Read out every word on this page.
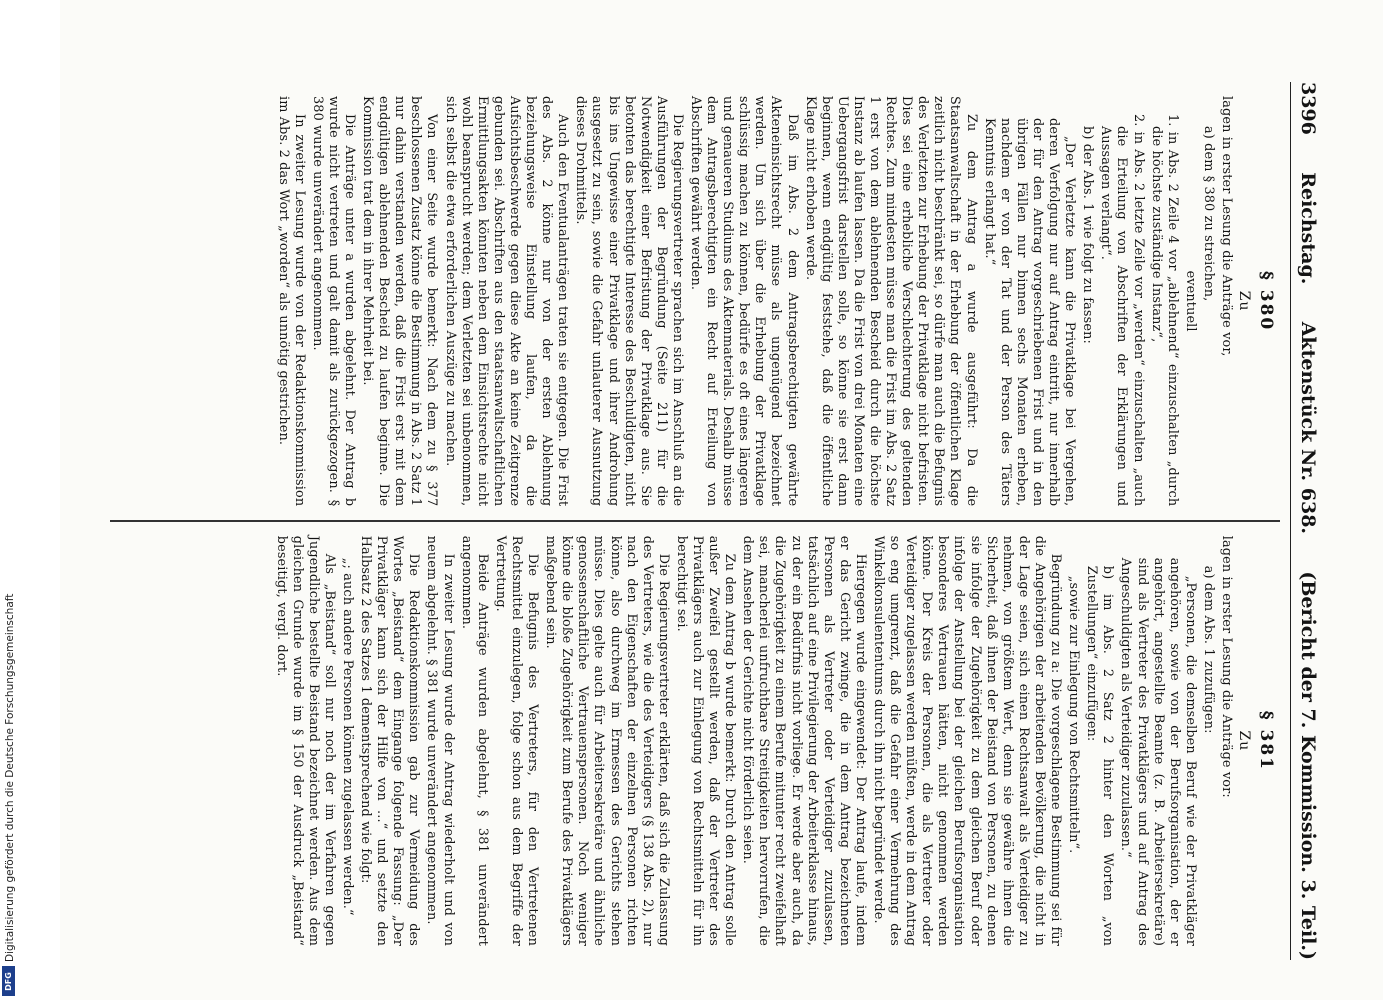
Digitalisierung gefördert durch die Deutsche Forschungsgemeinschaft
DFG
3396
Reichstag.
Aktenstück Nr. 638.
(Bericht der 7. Kommission. 3. Teil.)
§ 380
Zu

lagen in erster Lesung die Anträge vor,

a) dem § 380 zu streichen,

eventuell

1. in Abs. 2 Zeile 4 vor „ablehnend“ einzuschalten „durch die höchste zuständige Instanz“,

2. in Abs. 2 letzte Zeile vor „werden“ einzuschalten „auch die Erteilung von Abschriften der Erklärungen und Aussagen verlangt“.

b) der Abs. 1 wie folgt zu fassen:

„Der Verletzte kann die Privatklage bei Vergehen, deren Verfolgung nur auf Antrag eintritt, nur innerhalb der für den Antrag vorgeschriebenen Frist und in den übrigen Fällen nur binnen sechs Monaten erheben, nachdem er von der Tat und der Person des Täters Kenntnis erlangt hat.“

Zu dem Antrag a wurde ausgeführt: Da die Staatsanwaltschaft in der Erhebung der öffentlichen Klage zeitlich nicht beschränkt sei, so dürfe man auch die Befugnis des Verletzten zur Erhebung der Privatklage nicht befristen. Dies sei eine erhebliche Verschlechterung des geltenden Rechtes. Zum mindesten müsse man die Frist im Abs. 2 Satz 1 erst von dem ablehnenden Bescheid durch die höchste Instanz ab laufen lassen. Da die Frist von drei Monaten eine Uebergangsfrist darstellen solle, so könne sie erst dann beginnen, wenn endgültig feststehe, daß die öffentliche Klage nicht erhoben werde.

Daß im Abs. 2 dem Antragsberechtigten gewährte Akteneinsichtsrecht müsse als ungenügend bezeichnet werden. Um sich über die Erhebung der Privatklage schlüssig machen zu können, bedürfe es oft eines längeren und genaueren Studiums des Aktenmaterials. Deshalb müsse dem Antragsberechtigten ein Recht auf Erteilung von Abschriften gewährt werden.

Die Regierungsvertreter sprachen sich im Anschluß an die Ausführungen der Begründung (Seite 211) für die Notwendigkeit einer Befristung der Privatklage aus. Sie betonten das berechtigte Interesse des Beschuldigten, nicht bis ins Ungewisse einer Privatklage und ihrer Androhung ausgesetzt zu sein, sowie die Gefahr unlauterer Ausnutzung dieses Drohmittels.

Auch den Eventualanträgen traten sie entgegen. Die Frist des Abs. 2 könne nur von der ersten Ablehnung beziehungsweise Einstellung laufen, da die Aufsichtsbeschwerde gegen diese Akte an keine Zeitgrenze gebunden sei. Abschriften aus den staatsanwaltschaftlichen Ermittlungsakten könnten neben dem Einsichtsrechte nicht wohl beansprucht werden; dem Verletzten sei unbenommen, sich selbst die etwa erforderlichen Auszüge zu machen.

Von einer Seite wurde bemerkt: Nach dem zu § 377 beschlossenen Zusatz könne die Bestimmung in Abs. 2 Satz 1 nur dahin verstanden werden, daß die Frist erst mit dem endgültigen ablehnenden Bescheid zu laufen beginne. Die Kommission trat dem in ihrer Mehrheit bei.

Die Anträge unter a wurden abgelehnt. Der Antrag b wurde nicht vertreten und galt damit als zurückgezogen. § 380 wurde unverändert angenommen.

In zweiter Lesung wurde von der Redaktionskommission im Abs. 2 das Wort „worden“ als unnötig gestrichen.

§ 381
Zu

lagen in erster Lesung die Anträge vor:

a) dem Abs. 1 zuzufügen:

„Personen, die demselben Beruf wie der Privatkläger angehören, sowie von der Berufsorganisation, der er angehört, angestellte Beamte (z. B. Arbeitersekretäre) sind als Vertreter des Privatklägers und auf Antrag des Angeschuldigten als Verteidiger zuzulassen.“

b) im Abs. 2 Satz 2 hinter den Worten „von Zustellungen“ einzufügen:

„sowie zur Einlegung von Rechtsmitteln“.

Begründung zu a: Die vorgeschlagene Bestimmung sei für die Angehörigen der arbeitenden Bevölkerung, die nicht in der Lage seien, sich einen Rechtsanwalt als Verteidiger zu nehmen, von größtem Wert, denn sie gewähre ihnen die Sicherheit, daß ihnen der Beistand von Personen, zu denen sie infolge der Zugehörigkeit zu dem gleichen Beruf oder infolge der Anstellung bei der gleichen Berufsorganisation besonderes Vertrauen hätten, nicht genommen werden könne. Der Kreis der Personen, die als Vertreter oder Verteidiger zugelassen werden müßten, werde in dem Antrag so eng umgrenzt, daß die Gefahr einer Vermehrung des Winkelkonsulententums durch ihn nicht begründet werde.

Hiergegen wurde eingewendet: Der Antrag laufe, indem er das Gericht zwinge, die in dem Antrag bezeichneten Personen als Vertreter oder Verteidiger zuzulassen, tatsächlich auf eine Privilegierung der Arbeiterklasse hinaus, zu der ein Bedürfnis nicht vorliege. Er werde aber auch, da die Zugehörigkeit zu einem Berufe mitunter recht zweifelhaft sei, mancherlei unfruchtbare Streitigkeiten hervorrufen, die dem Ansehen der Gerichte nicht förderlich seien.

Zu dem Antrag b wurde bemerkt: Durch den Antrag solle außer Zweifel gestellt werden, daß der Vertreter des Privatklägers auch zur Einlegung von Rechtsmitteln für ihn berechtigt sei.

Die Regierungsvertreter erklärten, daß sich die Zulassung des Vertreters, wie die des Verteidigers (§ 138 Abs. 2), nur nach den Eigenschaften der einzelnen Personen richten könne, also durchweg im Ermessen des Gerichts stehen müsse. Dies gelte auch für Arbeitersekretäre und ähnliche genossenschaftliche Vertrauenspersonen. Noch weniger könne die bloße Zugehörigkeit zum Berufe des Privatklägers maßgebend sein.

Die Befugnis des Vertreters, für den Vertretenen Rechtsmittel einzulegen, folge schon aus dem Begriffe der Vertretung.

Beide Anträge wurden abgelehnt, § 381 unverändert angenommen.

In zweiter Lesung wurde der Antrag wiederholt und von neuem abgelehnt. § 381 wurde unverändert angenommen.

Die Redaktionskommission gab zur Vermeidung des Wortes „Beistand“ dem Eingange folgende Fassung: „Der Privatkläger kann sich der Hilfe von ...“ und setzte den Halbsatz 2 des Satzes 1 dementsprechend wie folgt:

„; auch andere Personen können zugelassen werden.“

Als „Beistand“ soll nur noch der im Verfahren gegen Jugendliche bestellte Beistand bezeichnet werden. Aus dem gleichen Grunde wurde im § 150 der Ausdruck „Beistand“ beseitigt, vergl. dort.
